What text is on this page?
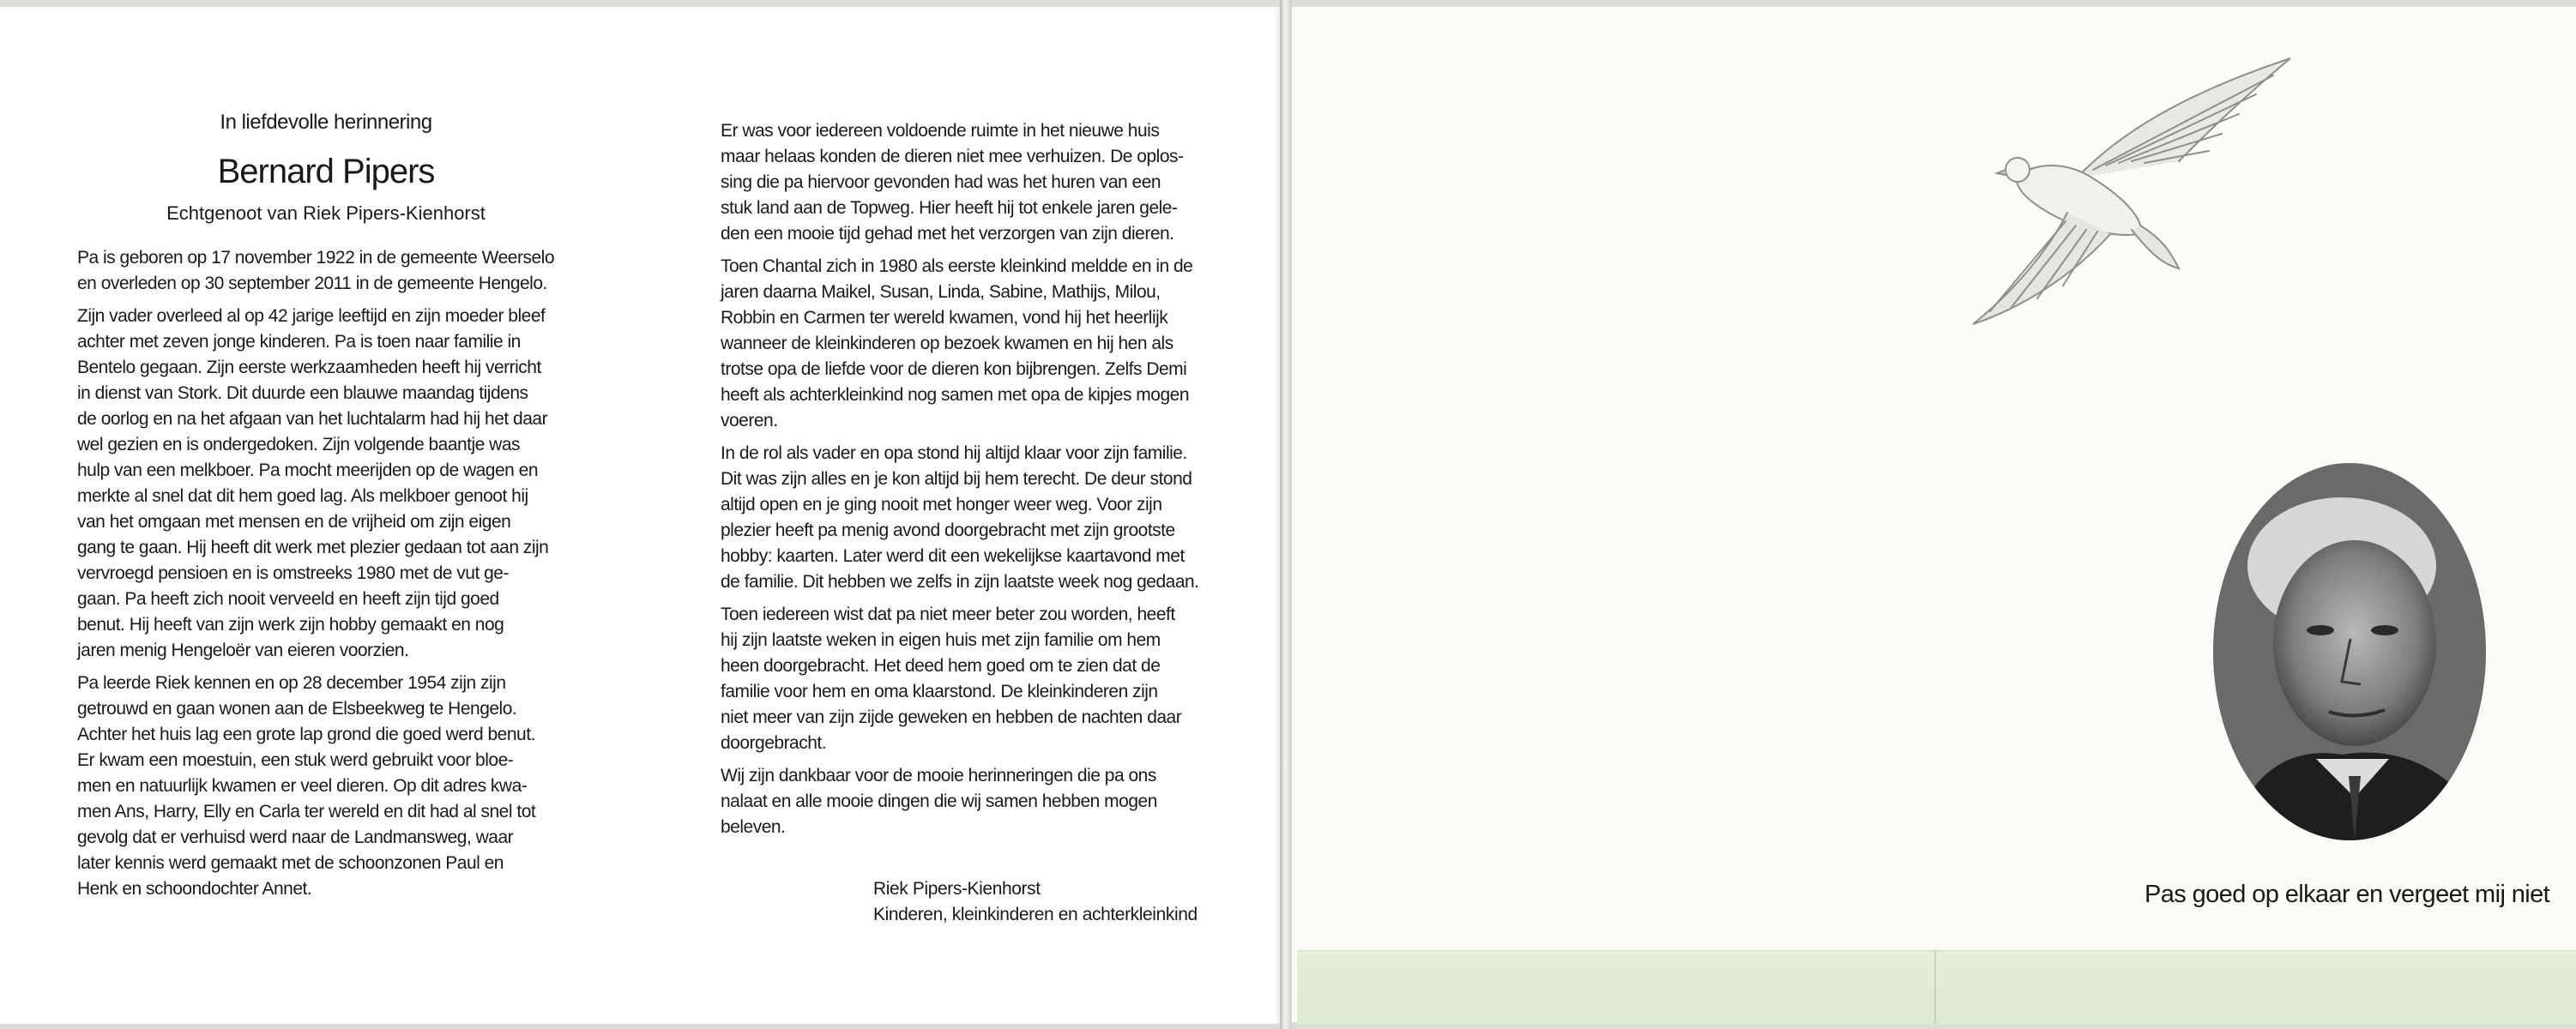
In liefdevolle herinnering
Bernard Pipers
Echtgenoot van Riek Pipers-Kienhorst

Pa is geboren op 17 november 1922 in de gemeente Weerselo
en overleden op 30 september 2011 in de gemeente Hengelo.

Zijn vader overleed al op 42 jarige leeftijd en zijn moeder bleef
achter met zeven jonge kinderen. Pa is toen naar familie in
Bentelo gegaan. Zijn eerste werkzaamheden heeft hij verricht
in dienst van Stork. Dit duurde een blauwe maandag tijdens
de oorlog en na het afgaan van het luchtalarm had hij het daar
wel gezien en is ondergedoken. Zijn volgende baantje was
hulp van een melkboer. Pa mocht meerijden op de wagen en
merkte al snel dat dit hem goed lag. Als melkboer genoot hij
van het omgaan met mensen en de vrijheid om zijn eigen
gang te gaan. Hij heeft dit werk met plezier gedaan tot aan zijn
vervroegd pensioen en is omstreeks 1980 met de vut ge-
gaan. Pa heeft zich nooit verveeld en heeft zijn tijd goed
benut. Hij heeft van zijn werk zijn hobby gemaakt en nog
jaren menig Hengeloër van eieren voorzien.

Pa leerde Riek kennen en op 28 december 1954 zijn zijn
getrouwd en gaan wonen aan de Elsbeekweg te Hengelo.
Achter het huis lag een grote lap grond die goed werd benut.
Er kwam een moestuin, een stuk werd gebruikt voor bloe-
men en natuurlijk kwamen er veel dieren. Op dit adres kwa-
men Ans, Harry, Elly en Carla ter wereld en dit had al snel tot
gevolg dat er verhuisd werd naar de Landmansweg, waar
later kennis werd gemaakt met de schoonzonen Paul en
Henk en schoondochter Annet.

Er was voor iedereen voldoende ruimte in het nieuwe huis
maar helaas konden de dieren niet mee verhuizen. De oplos-
sing die pa hiervoor gevonden had was het huren van een
stuk land aan de Topweg. Hier heeft hij tot enkele jaren gele-
den een mooie tijd gehad met het verzorgen van zijn dieren.

Toen Chantal zich in 1980 als eerste kleinkind meldde en in de
jaren daarna Maikel, Susan, Linda, Sabine, Mathijs, Milou,
Robbin en Carmen ter wereld kwamen, vond hij het heerlijk
wanneer de kleinkinderen op bezoek kwamen en hij hen als
trotse opa de liefde voor de dieren kon bijbrengen. Zelfs Demi
heeft als achterkleinkind nog samen met opa de kipjes mogen
voeren.

In de rol als vader en opa stond hij altijd klaar voor zijn familie.
Dit was zijn alles en je kon altijd bij hem terecht. De deur stond
altijd open en je ging nooit met honger weer weg. Voor zijn
plezier heeft pa menig avond doorgebracht met zijn grootste
hobby: kaarten. Later werd dit een wekelijkse kaartavond met
de familie. Dit hebben we zelfs in zijn laatste week nog gedaan.

Toen iedereen wist dat pa niet meer beter zou worden, heeft
hij zijn laatste weken in eigen huis met zijn familie om hem
heen doorgebracht. Het deed hem goed om te zien dat de
familie voor hem en oma klaarstond. De kleinkinderen zijn
niet meer van zijn zijde geweken en hebben de nachten daar
doorgebracht.

Wij zijn dankbaar voor de mooie herinneringen die pa ons
nalaat en alle mooie dingen die wij samen hebben mogen
beleven.

Riek Pipers-Kienhorst
Kinderen, kleinkinderen en achterkleinkind
Pas goed op elkaar en vergeet mij niet
